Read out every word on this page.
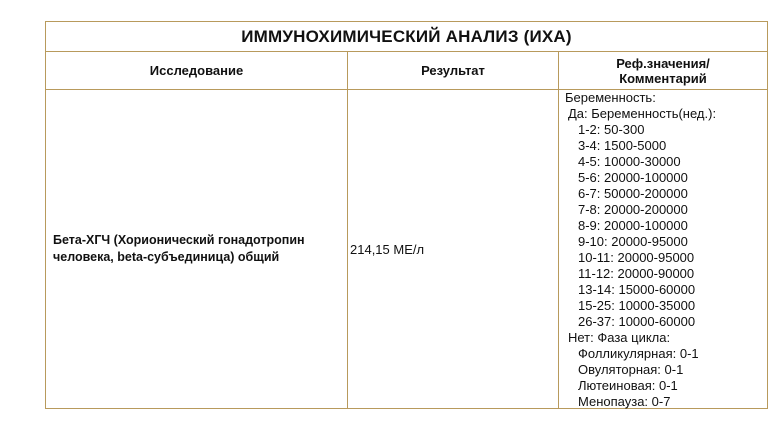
ИММУНОХИМИЧЕСКИЙ АНАЛИЗ (ИХА)
Исследование	Результат	Реф.значения/
Комментарий
Бета-ХГЧ (Хорионический гонадотропин
человека, beta-субъединица) общий
214,15 МЕ/л
Беременность:
Да: Беременность(нед.):
1-2: 50-300
3-4: 1500-5000
4-5: 10000-30000
5-6: 20000-100000
6-7: 50000-200000
7-8: 20000-200000
8-9: 20000-100000
9-10: 20000-95000
10-11: 20000-95000
11-12: 20000-90000
13-14: 15000-60000
15-25: 10000-35000
26-37: 10000-60000
Нет: Фаза цикла:
Фолликулярная: 0-1
Овуляторная: 0-1
Лютеиновая: 0-1
Менопауза: 0-7
